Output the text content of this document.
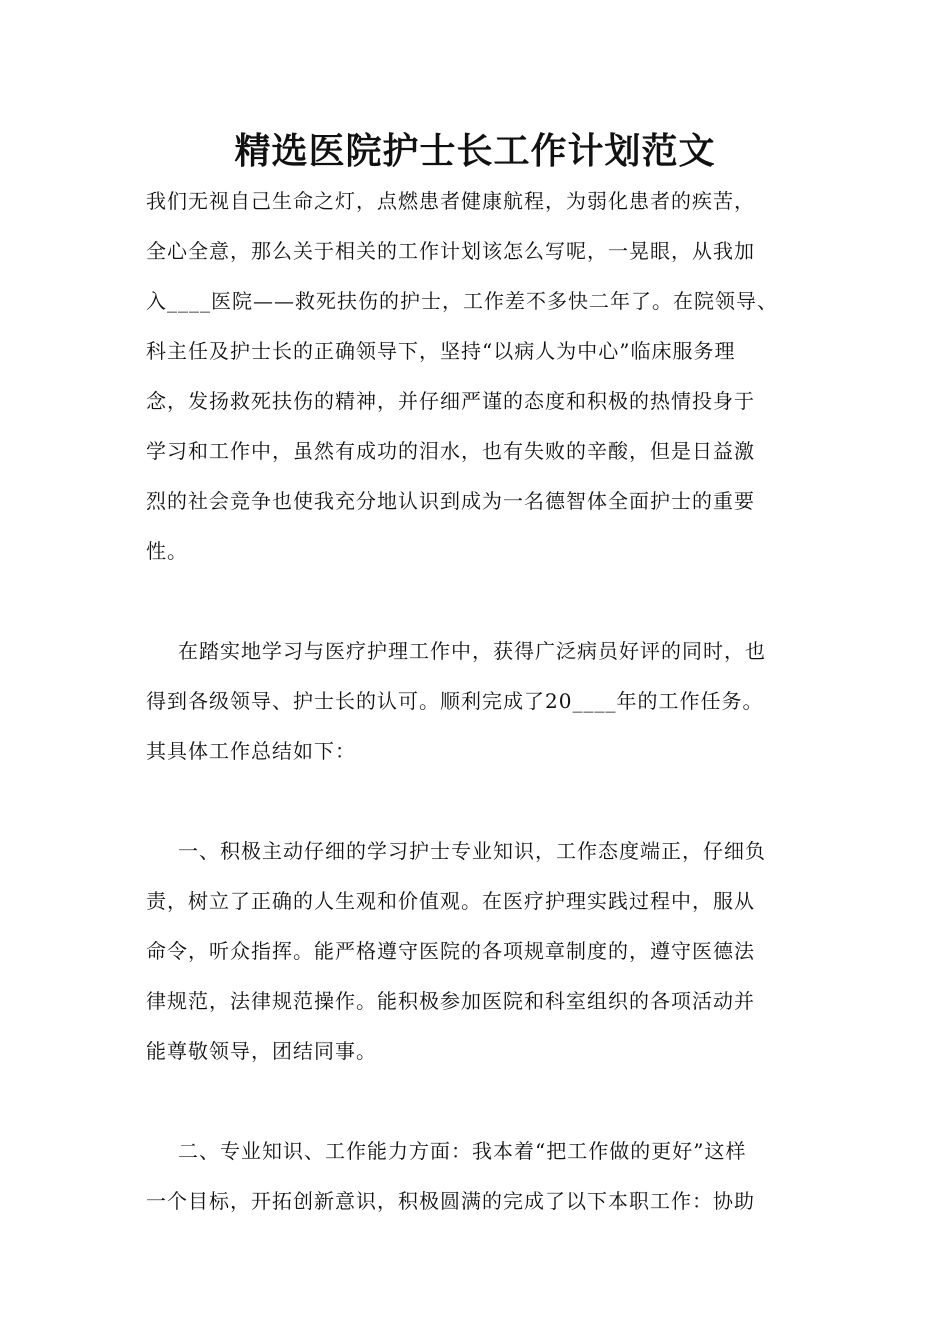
精选医院护士长工作计划范文
我们无视自己生命之灯，点燃患者健康航程，为弱化患者的疾苦，
全心全意，那么关于相关的工作计划该怎么写呢，一晃眼，从我加
入____医院——救死扶伤的护士，工作差不多快二年了。在院领导、
科主任及护士长的正确领导下，坚持“以病人为中心”临床服务理
念，发扬救死扶伤的精神，并仔细严谨的态度和积极的热情投身于
学习和工作中，虽然有成功的泪水，也有失败的辛酸，但是日益激
烈的社会竞争也使我充分地认识到成为一名德智体全面护士的重要
性。
在踏实地学习与医疗护理工作中，获得广泛病员好评的同时，也
得到各级领导、护士长的认可。顺利完成了20____年的工作任务。
其具体工作总结如下：
一、积极主动仔细的学习护士专业知识，工作态度端正，仔细负
责，树立了正确的人生观和价值观。在医疗护理实践过程中，服从
命令，听众指挥。能严格遵守医院的各项规章制度的，遵守医德法
律规范，法律规范操作。能积极参加医院和科室组织的各项活动并
能尊敬领导，团结同事。
二、专业知识、工作能力方面：我本着“把工作做的更好”这样
一个目标，开拓创新意识，积极圆满的完成了以下本职工作：协助
